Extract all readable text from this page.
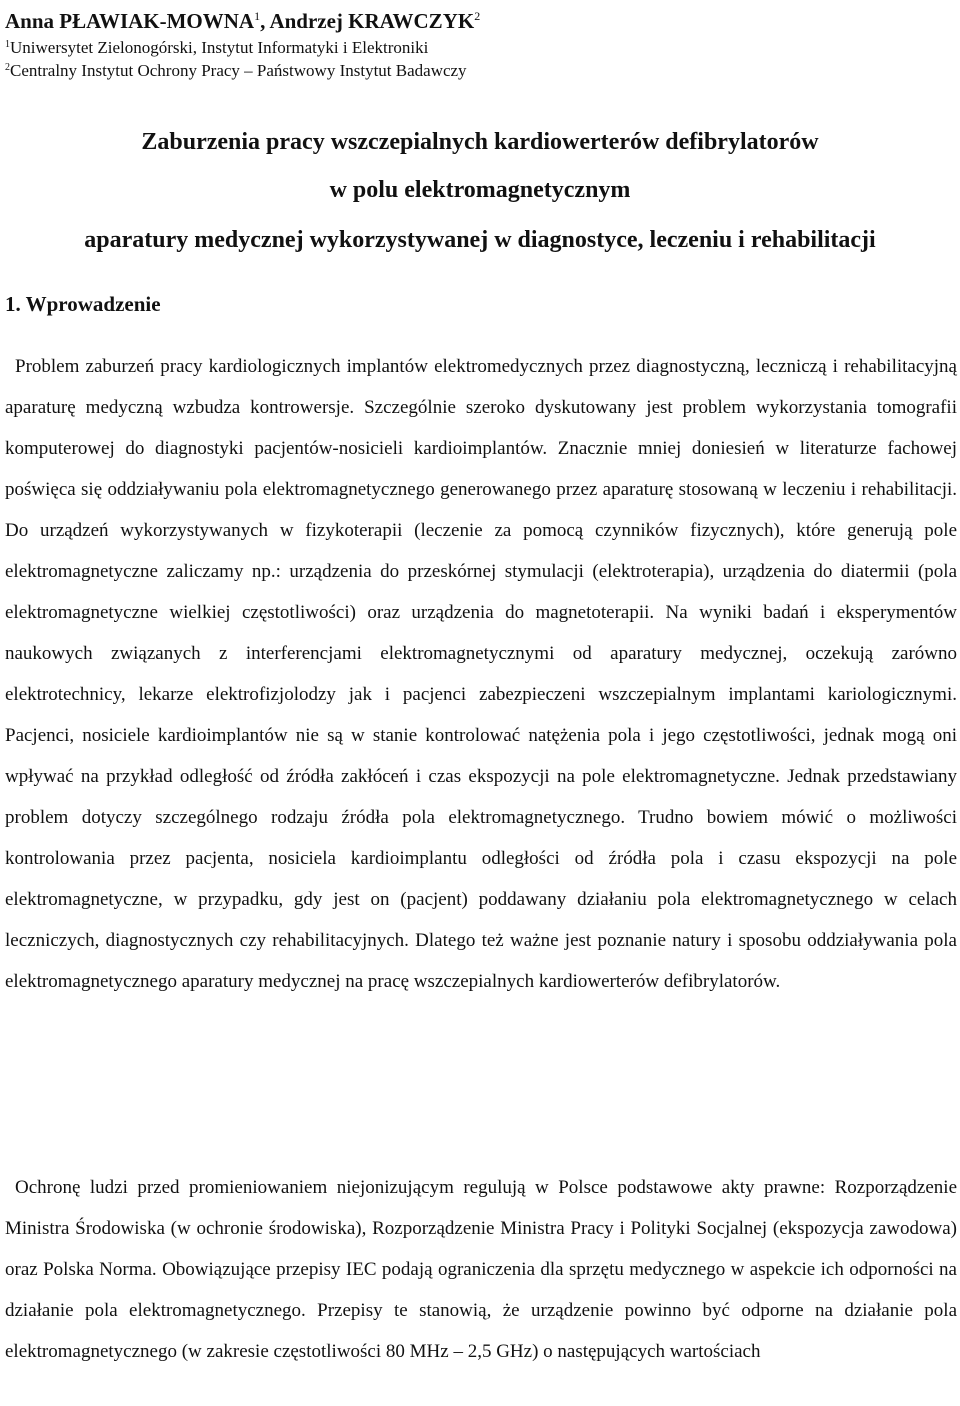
Anna PŁAWIAK-MOWNA$^1$, Andrzej KRAWCZYK$^2$
$^1$Uniwersytet Zielonogórski, Instytut Informatyki i Elektroniki
$^2$Centralny Instytut Ochrony Pracy – Państwowy Instytut Badawczy
Zaburzenia pracy wszczepialnych kardiowerterów defibrylatorów
w polu elektromagnetycznym
aparatury medycznej wykorzystywanej w diagnostyce, leczeniu i rehabilitacji
1. Wprowadzenie
Problem zaburzeń pracy kardiologicznych implantów elektromedycznych przez diagnostyczną, leczniczą i rehabilitacyjną aparaturę medyczną wzbudza kontrowersje. Szczególnie szeroko dyskutowany jest problem wykorzystania tomografii komputerowej do diagnostyki pacjentów-nosicieli kardioimplantów. Znacznie mniej doniesień w literaturze fachowej poświęca się oddziaływaniu pola elektromagnetycznego generowanego przez aparaturę stosowaną w leczeniu i rehabilitacji. Do urządzeń wykorzystywanych w fizykoterapii (leczenie za pomocą czynników fizycznych), które generują pole elektromagnetyczne zaliczamy np.: urządzenia do przeskórnej stymulacji (elektroterapia), urządzenia do diatermii (pola elektromagnetyczne wielkiej częstotliwości) oraz urządzenia do magnetoterapii. Na wyniki badań i eksperymentów naukowych związanych z interferencjami elektromagnetycznymi od aparatury medycznej, oczekują zarówno elektrotechnicy, lekarze elektrofizjolodzy jak i pacjenci zabezpieczeni wszczepialnym implantami kariologicznymi. Pacjenci, nosiciele kardioimplantów nie są w stanie kontrolować natężenia pola i jego częstotliwości, jednak mogą oni wpływać na przykład odległość od źródła zakłóceń i czas ekspozycji na pole elektromagnetyczne. Jednak przedstawiany problem dotyczy szczególnego rodzaju źródła pola elektromagnetycznego. Trudno bowiem mówić o możliwości kontrolowania przez pacjenta, nosiciela kardioimplantu odległości od źródła pola i czasu ekspozycji na pole elektromagnetyczne, w przypadku, gdy jest on (pacjent) poddawany działaniu pola elektromagnetycznego w celach leczniczych, diagnostycznych czy rehabilitacyjnych. Dlatego też ważne jest poznanie natury i sposobu oddziaływania pola elektromagnetycznego aparatury medycznej na pracę wszczepialnych kardiowerterów defibrylatorów.
Ochronę ludzi przed promieniowaniem niejonizującym regulują w Polsce podstawowe akty prawne: Rozporządzenie Ministra Środowiska (w ochronie środowiska), Rozporządzenie Ministra Pracy i Polityki Socjalnej (ekspozycja zawodowa) oraz Polska Norma. Obowiązujące przepisy IEC podają ograniczenia dla sprzętu medycznego w aspekcie ich odporności na działanie pola elektromagnetycznego. Przepisy te stanowią, że urządzenie powinno być odporne na działanie pola elektromagnetycznego (w zakresie częstotliwości 80 MHz – 2,5 GHz) o następujących wartościach
